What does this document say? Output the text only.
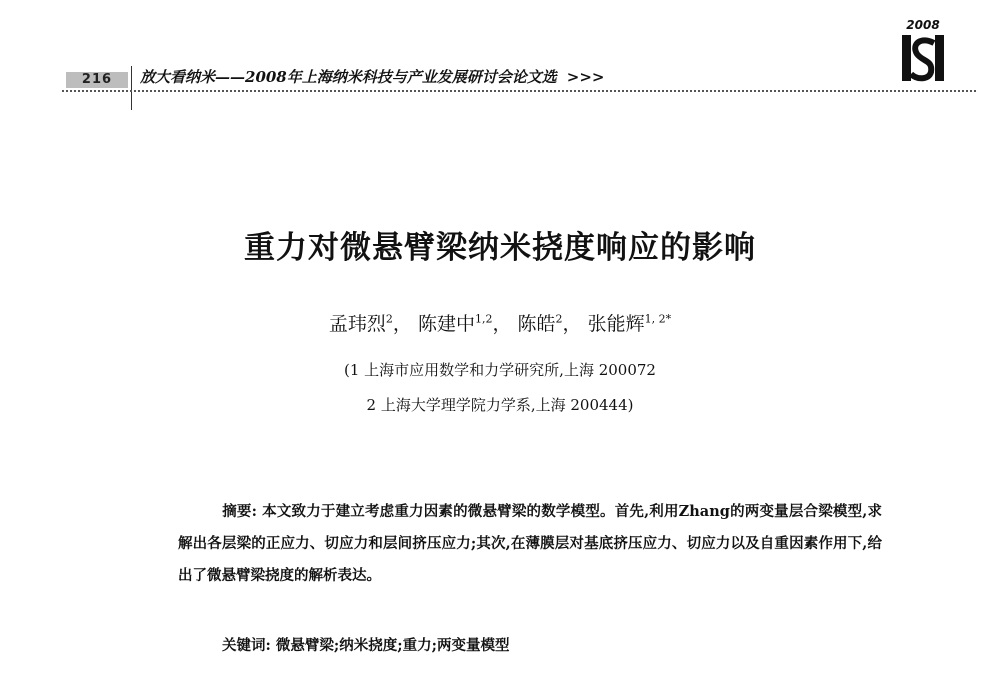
216	放大看纳米——2008年上海纳米科技与产业发展研讨会论文选 >>>
2008
重力对微悬臂梁纳米挠度响应的影响
孟玮烈$^2$， 陈建中$^{1,2}$， 陈皓$^2$， 张能辉$^{1, 2*}$
(1 上海市应用数学和力学研究所,上海 200072
2 上海大学理学院力学系,上海 200444)
摘要: 本文致力于建立考虑重力因素的微悬臂梁的数学模型。首先,利用Zhang的两变量层合梁模型,求解出各层梁的正应力、切应力和层间挤压应力;其次,在薄膜层对基底挤压应力、切应力以及自重因素作用下,给出了微悬臂梁挠度的解析表达。
关键词: 微悬臂梁;纳米挠度;重力;两变量模型
